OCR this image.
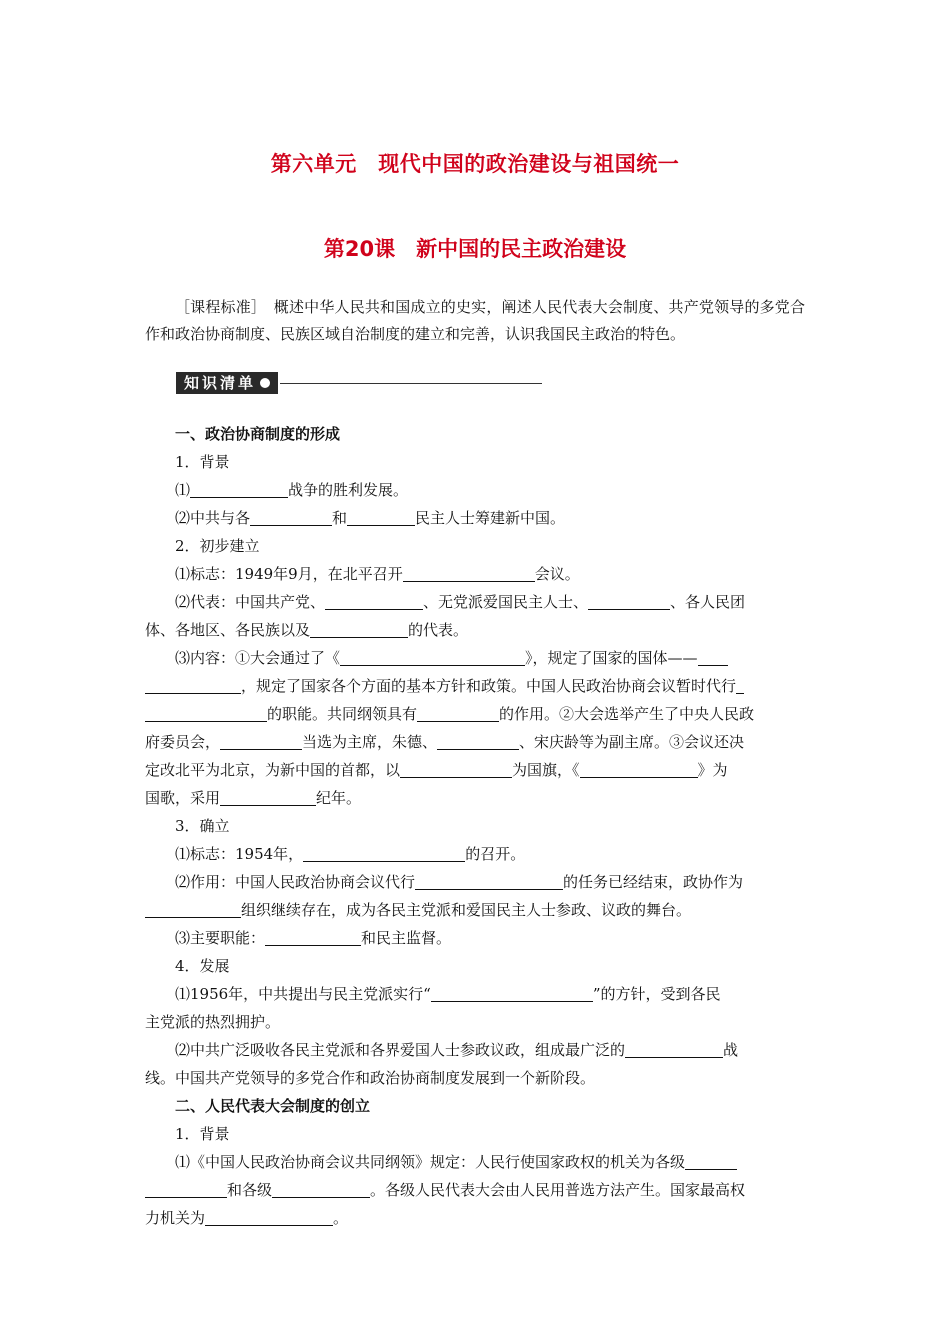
第六单元　现代中国的政治建设与祖国统一
第20课　新中国的民主政治建设
［课程标准］　概述中华人民共和国成立的史实，阐述人民代表大会制度、共产党领导的多党合作和政治协商制度、民族区域自治制度的建立和完善，认识我国民主政治的特色。
知识清单
一、政治协商制度的形成
1．背景
⑴	战争的胜利发展。
⑵中共与各	和	民主人士筹建新中国。
2．初步建立
⑴标志：1949年9月，在北平召开	会议。
⑵代表：中国共产党、	、无党派爱国民主人士、	、各人民团
体、各地区、各民族以及	的代表。
⑶内容：①大会通过了《	》，规定了国家的国体——
，规定了国家各个方面的基本方针和政策。中国人民政治协商会议暂时代行
的职能。共同纲领具有	的作用。②大会选举产生了中央人民政
府委员会，	当选为主席，朱德、	、宋庆龄等为副主席。③会议还决
定改北平为北京，为新中国的首都，以	为国旗，《	》为
国歌，采用	纪年。
3．确立
⑴标志：1954年，	的召开。
⑵作用：中国人民政治协商会议代行	的任务已经结束，政协作为
组织继续存在，成为各民主党派和爱国民主人士参政、议政的舞台。
⑶主要职能：	和民主监督。
4．发展
⑴1956年，中共提出与民主党派实行“	”的方针，受到各民
主党派的热烈拥护。
⑵中共广泛吸收各民主党派和各界爱国人士参政议政，组成最广泛的	战
线。中国共产党领导的多党合作和政治协商制度发展到一个新阶段。
二、人民代表大会制度的创立
1．背景
⑴《中国人民政治协商会议共同纲领》规定：人民行使国家政权的机关为各级
和各级	。各级人民代表大会由人民用普选方法产生。国家最高权
力机关为	。
